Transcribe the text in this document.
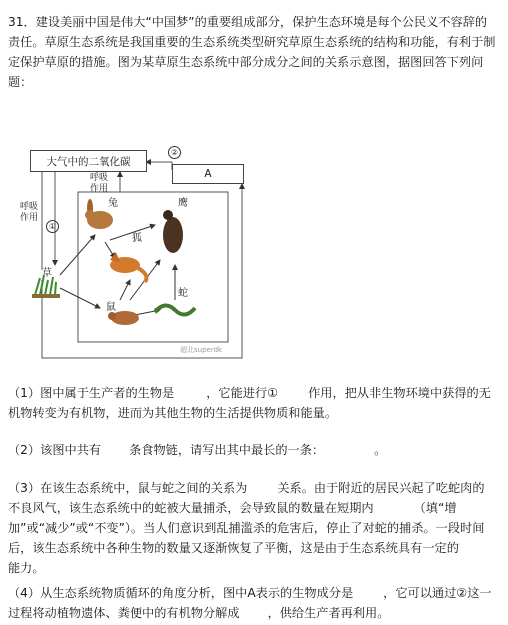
31．建设美丽中国是伟大“中国梦”的重要组成部分，保护生态环境是每个公民义不容辞的责任。草原生态系统是我国重要的生态系统类型研究草原生态系统的结构和功能，有利于制定保护草原的措施。图为某草原生态系统中部分成分之间的关系示意图，据图回答下列问题：
大气中的二氧化碳
A
②
①
呼吸作用
呼吸作用
草
兔
狐
鹰
鼠
蛇
超北superdk
（1）图中属于生产者的生物是	，它能进行① 作用，把从非生物环境中获得的无机物转变为有机物，进而为其他生物的生活提供物质和能量。
（2）该图中共有 条食物链，请写出其中最长的一条：	。
（3）在该生态系统中，鼠与蛇之间的关系为 关系。由于附近的居民兴起了吃蛇肉的不良风气，该生态系统中的蛇被大量捕杀，会导致鼠的数量在短期内	（填“增加”或“减少”或“不变”）。当人们意识到乱捕滥杀的危害后，停止了对蛇的捕杀。一段时间后，该生态系统中各种生物的数量又逐渐恢复了平衡，这是由于生态系统具有一定的能力。
（4）从生态系统物质循环的角度分析，图中A表示的生物成分是 ，它可以通过②这一过程将动植物遗体、粪便中的有机物分解成 ，供给生产者再利用。
